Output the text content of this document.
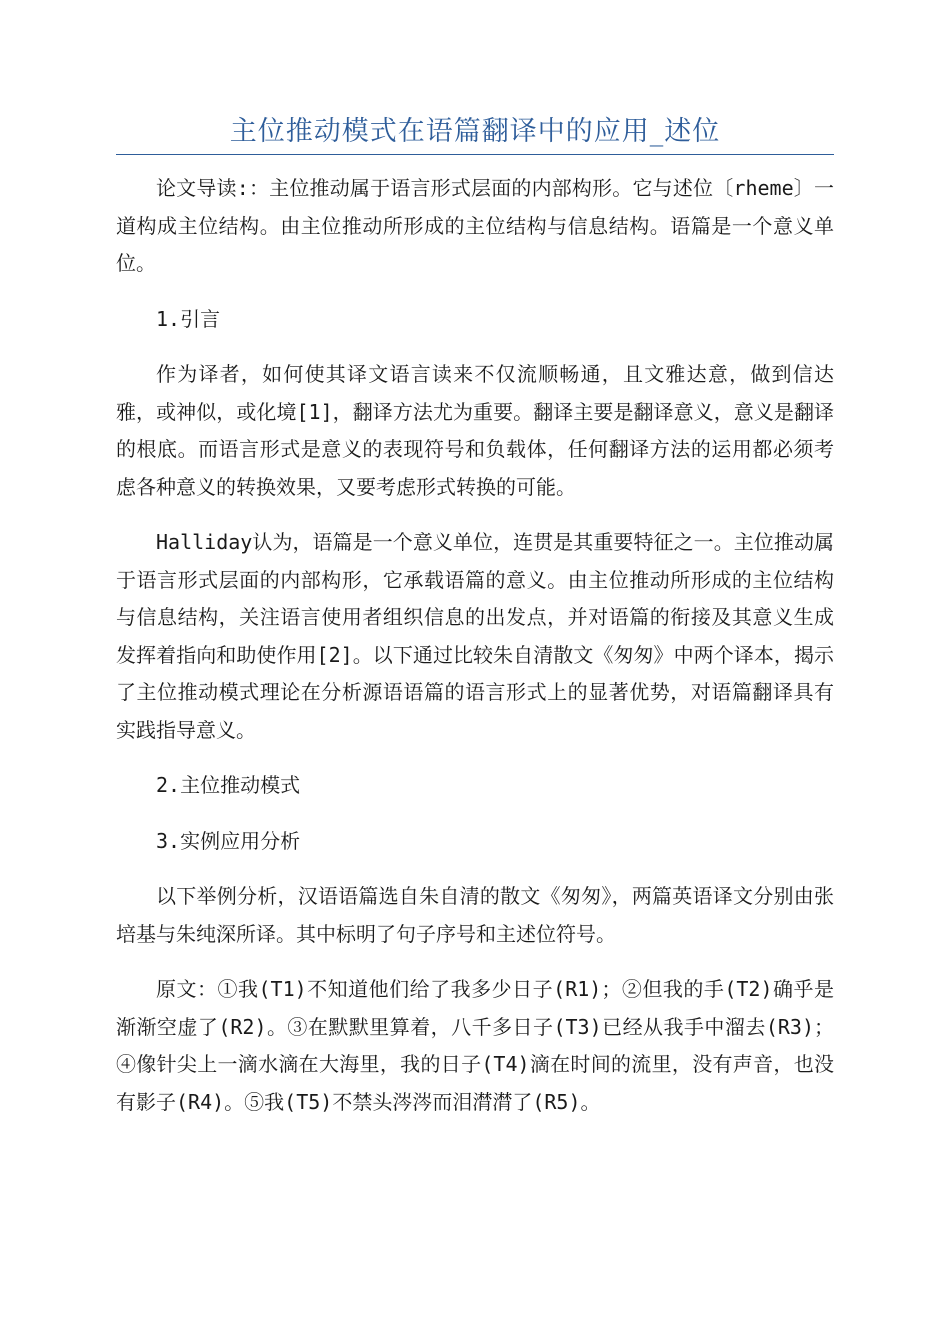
主位推动模式在语篇翻译中的应用_述位

论文导读:：主位推动属于语言形式层面的内部构形。它与述位〔rheme〕一道构成主位结构。由主位推动所形成的主位结构与信息结构。语篇是一个意义单位。

1.引言

作为译者，如何使其译文语言读来不仅流顺畅通，且文雅达意，做到信达雅，或神似，或化境[1]，翻译方法尤为重要。翻译主要是翻译意义，意义是翻译的根底。而语言形式是意义的表现符号和负载体，任何翻译方法的运用都必须考虑各种意义的转换效果，又要考虑形式转换的可能。

Halliday认为，语篇是一个意义单位，连贯是其重要特征之一。主位推动属于语言形式层面的内部构形，它承载语篇的意义。由主位推动所形成的主位结构与信息结构，关注语言使用者组织信息的出发点，并对语篇的衔接及其意义生成发挥着指向和助使作用[2]。以下通过比较朱自清散文《匆匆》中两个译本，揭示了主位推动模式理论在分析源语语篇的语言形式上的显著优势，对语篇翻译具有实践指导意义。

2.主位推动模式

3.实例应用分析

以下举例分析，汉语语篇选自朱自清的散文《匆匆》，两篇英语译文分别由张培基与朱纯深所译。其中标明了句子序号和主述位符号。

原文：①我(T1)不知道他们给了我多少日子(R1)；②但我的手(T2)确乎是渐渐空虚了(R2)。③在默默里算着，八千多日子(T3)已经从我手中溜去(R3)；④像针尖上一滴水滴在大海里，我的日子(T4)滴在时间的流里，没有声音，也没有影子(R4)。⑤我(T5)不禁头涔涔而泪潸潸了(R5)。
